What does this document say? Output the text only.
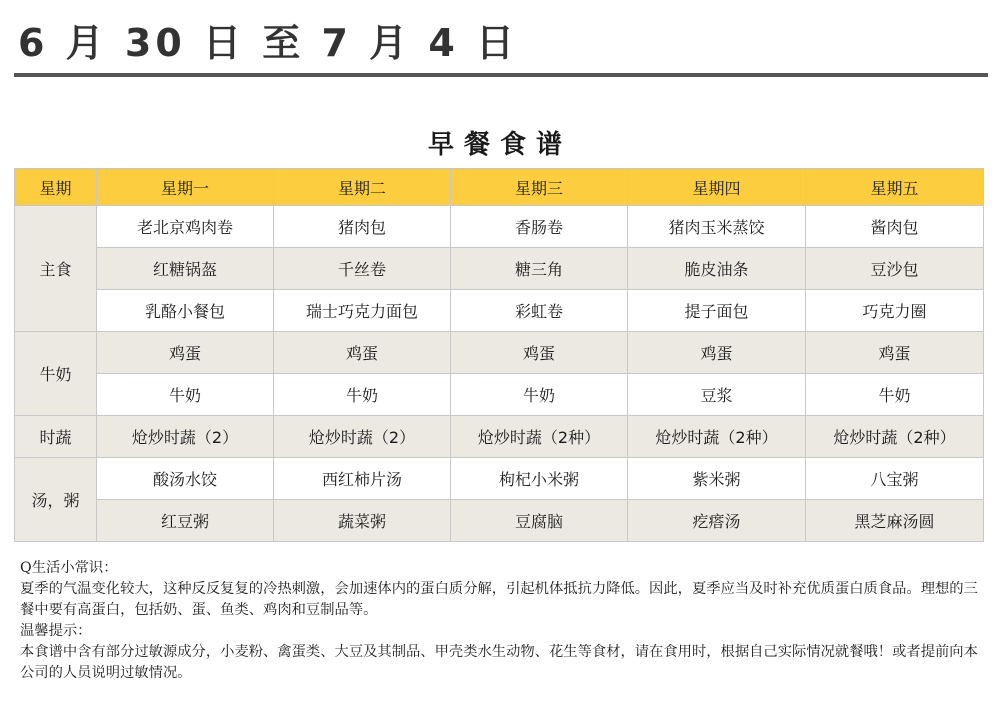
6 月 30 日 至 7 月 4 日
早餐食谱
星期	星期一	星期二	星期三	星期四	星期五
主食	老北京鸡肉卷	猪肉包	香肠卷	猪肉玉米蒸饺	酱肉包
	红糖锅盔	千丝卷	糖三角	脆皮油条	豆沙包
	乳酪小餐包	瑞士巧克力面包	彩虹卷	提子面包	巧克力圈
牛奶	鸡蛋	鸡蛋	鸡蛋	鸡蛋	鸡蛋
	牛奶	牛奶	牛奶	豆浆	牛奶
时蔬	炝炒时蔬（2）	炝炒时蔬（2）	炝炒时蔬（2种）	炝炒时蔬（2种）	炝炒时蔬（2种）
汤，粥	酸汤水饺	西红柿片汤	枸杞小米粥	紫米粥	八宝粥
	红豆粥	蔬菜粥	豆腐脑	疙瘩汤	黑芝麻汤圆

Q生活小常识：

夏季的气温变化较大，这种反反复复的冷热刺激，会加速体内的蛋白质分解，引起机体抵抗力降低。因此，夏季应当及时补充优质蛋白质食品。理想的三餐中要有高蛋白，包括奶、蛋、鱼类、鸡肉和豆制品等。

温馨提示：

本食谱中含有部分过敏源成分，小麦粉、禽蛋类、大豆及其制品、甲壳类水生动物、花生等食材，请在食用时，根据自己实际情况就餐哦！或者提前向本公司的人员说明过敏情况。
